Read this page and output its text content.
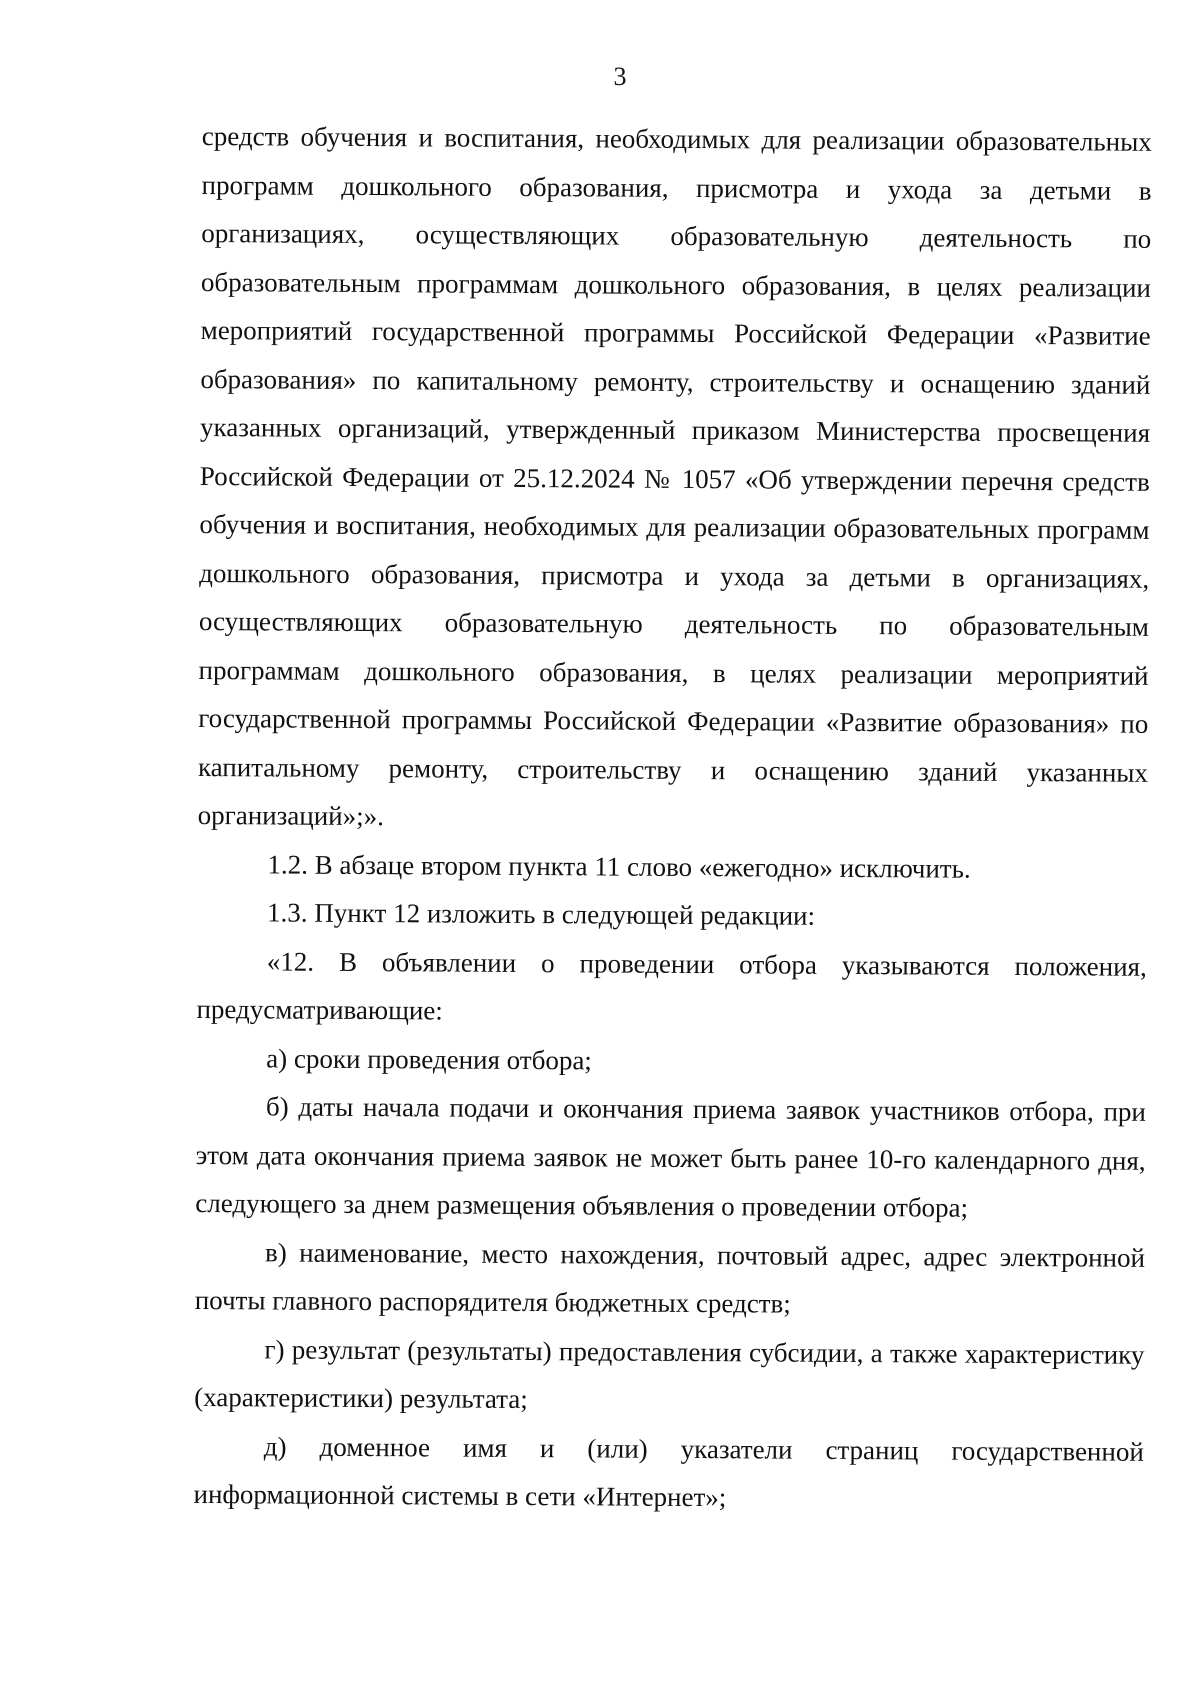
3

средств обучения и воспитания, необходимых для реализации образовательных программ дошкольного образования, присмотра и ухода за детьми в организациях, осуществляющих образовательную деятельность по образовательным программам дошкольного образования, в целях реализации мероприятий государственной программы Российской Федерации «Развитие образования» по капитальному ремонту, строительству и оснащению зданий указанных организаций, утвержденный приказом Министерства просвещения Российской Федерации от 25.12.2024 № 1057 «Об утверждении перечня средств обучения и воспитания, необходимых для реализации образовательных программ дошкольного образования, присмотра и ухода за детьми в организациях, осуществляющих образовательную деятельность по образовательным программам дошкольного образования, в целях реализации мероприятий государственной программы Российской Федерации «Развитие образования» по капитальному ремонту, строительству и оснащению зданий указанных организаций»;».

1.2. В абзаце втором пункта 11 слово «ежегодно» исключить.

1.3. Пункт 12 изложить в следующей редакции:

«12. В объявлении о проведении отбора указываются положения, предусматривающие:

а) сроки проведения отбора;

б) даты начала подачи и окончания приема заявок участников отбора, при этом дата окончания приема заявок не может быть ранее 10-го календарного дня, следующего за днем размещения объявления о проведении отбора;

в) наименование, место нахождения, почтовый адрес, адрес электронной почты главного распорядителя бюджетных средств;

г) результат (результаты) предоставления субсидии, а также характеристику (характеристики) результата;

д) доменное имя и (или) указатели страниц государственной информационной системы в сети «Интернет»;
